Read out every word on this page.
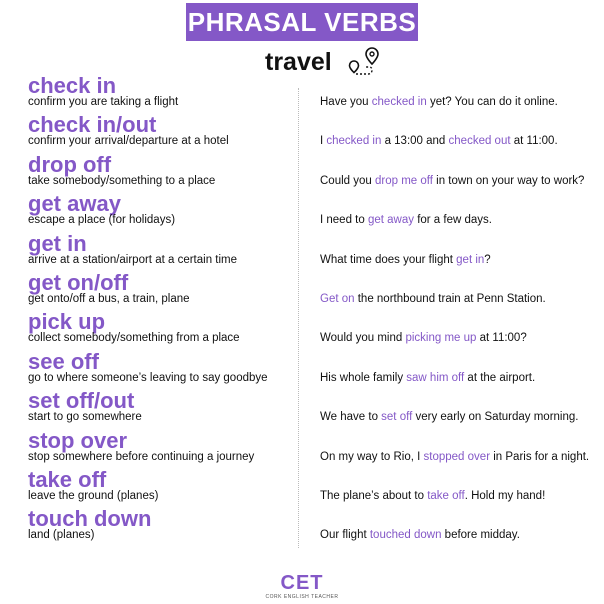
PHRASAL VERBS
travel
check in
confirm you are taking a flight	Have you checked in yet? You can do it online.
check in/out
confirm your arrival/departure at a hotel	I checked in a 13:00 and checked out at 11:00.
drop off
take somebody/something to a place	Could you drop me off in town on your way to work?
get away
escape a place (for holidays)	I need to get away for a few days.
get in
arrive at a station/airport at a certain time	What time does your flight get in?
get on/off
get onto/off a bus, a train, plane	Get on the northbound train at Penn Station.
pick up
collect somebody/something from a place	Would you mind picking me up at 11:00?
see off
go to where someone’s leaving to say goodbye	His whole family saw him off at the airport.
set off/out
start to go somewhere	We have to set off very early on Saturday morning.
stop over
stop somewhere before continuing a journey	On my way to Rio, I stopped over in Paris for a night.
take off
leave the ground (planes)	The plane’s about to take off. Hold my hand!
touch down
land (planes)	Our flight touched down before midday.
CET
CORK ENGLISH TEACHER
